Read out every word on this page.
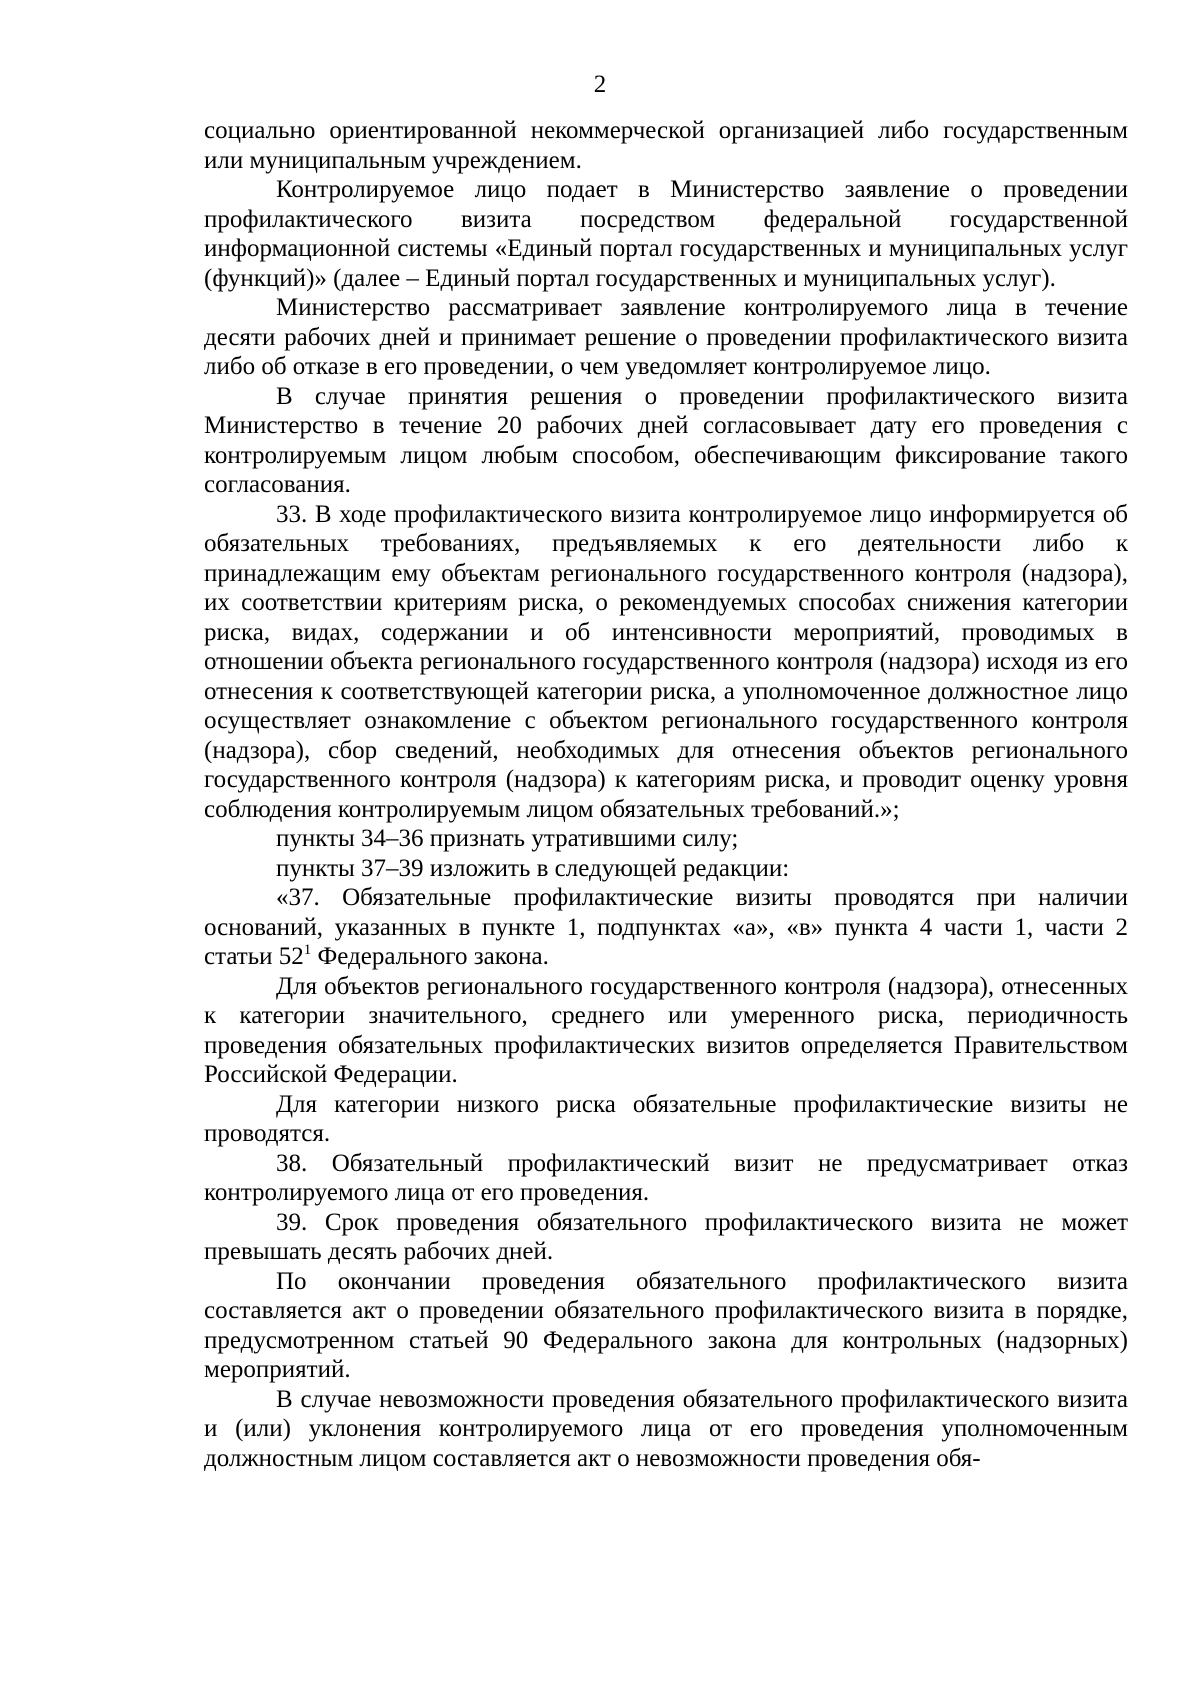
2

социально ориентированной некоммерческой организацией либо государственным или муниципальным учреждением.

Контролируемое лицо подает в Министерство заявление о проведении профилактического визита посредством федеральной государственной информационной системы «Единый портал государственных и муниципальных услуг (функций)» (далее – Единый портал государственных и муниципальных услуг).

Министерство рассматривает заявление контролируемого лица в течение десяти рабочих дней и принимает решение о проведении профилактического визита либо об отказе в его проведении, о чем уведомляет контролируемое лицо.

В случае принятия решения о проведении профилактического визита Министерство в течение 20 рабочих дней согласовывает дату его проведения с контролируемым лицом любым способом, обеспечивающим фиксирование такого согласования.

33. В ходе профилактического визита контролируемое лицо информируется об обязательных требованиях, предъявляемых к его деятельности либо к принадлежащим ему объектам регионального государственного контроля (надзора), их соответствии критериям риска, о рекомендуемых способах снижения категории риска, видах, содержании и об интенсивности мероприятий, проводимых в отношении объекта регионального государственного контроля (надзора) исходя из его отнесения к соответствующей категории риска, а уполномоченное должностное лицо осуществляет ознакомление с объектом регионального государственного контроля (надзора), сбор сведений, необходимых для отнесения объектов регионального государственного контроля (надзора) к категориям риска, и проводит оценку уровня соблюдения контролируемым лицом обязательных требований.»;

пункты 34–36 признать утратившими силу;

пункты 37–39 изложить в следующей редакции:

«37. Обязательные профилактические визиты проводятся при наличии оснований, указанных в пункте 1, подпунктах «а», «в» пункта 4 части 1, части 2 статьи $52^1$ Федерального закона.

Для объектов регионального государственного контроля (надзора), отнесенных к категории значительного, среднего или умеренного риска, периодичность проведения обязательных профилактических визитов определяется Правительством Российской Федерации.

Для категории низкого риска обязательные профилактические визиты не проводятся.

38. Обязательный профилактический визит не предусматривает отказ контролируемого лица от его проведения.

39. Срок проведения обязательного профилактического визита не может превышать десять рабочих дней.

По окончании проведения обязательного профилактического визита составляется акт о проведении обязательного профилактического визита в порядке, предусмотренном статьей 90 Федерального закона для контрольных (надзорных) мероприятий.

В случае невозможности проведения обязательного профилактического визита и (или) уклонения контролируемого лица от его проведения уполномоченным должностным лицом составляется акт о невозможности проведения обя-
